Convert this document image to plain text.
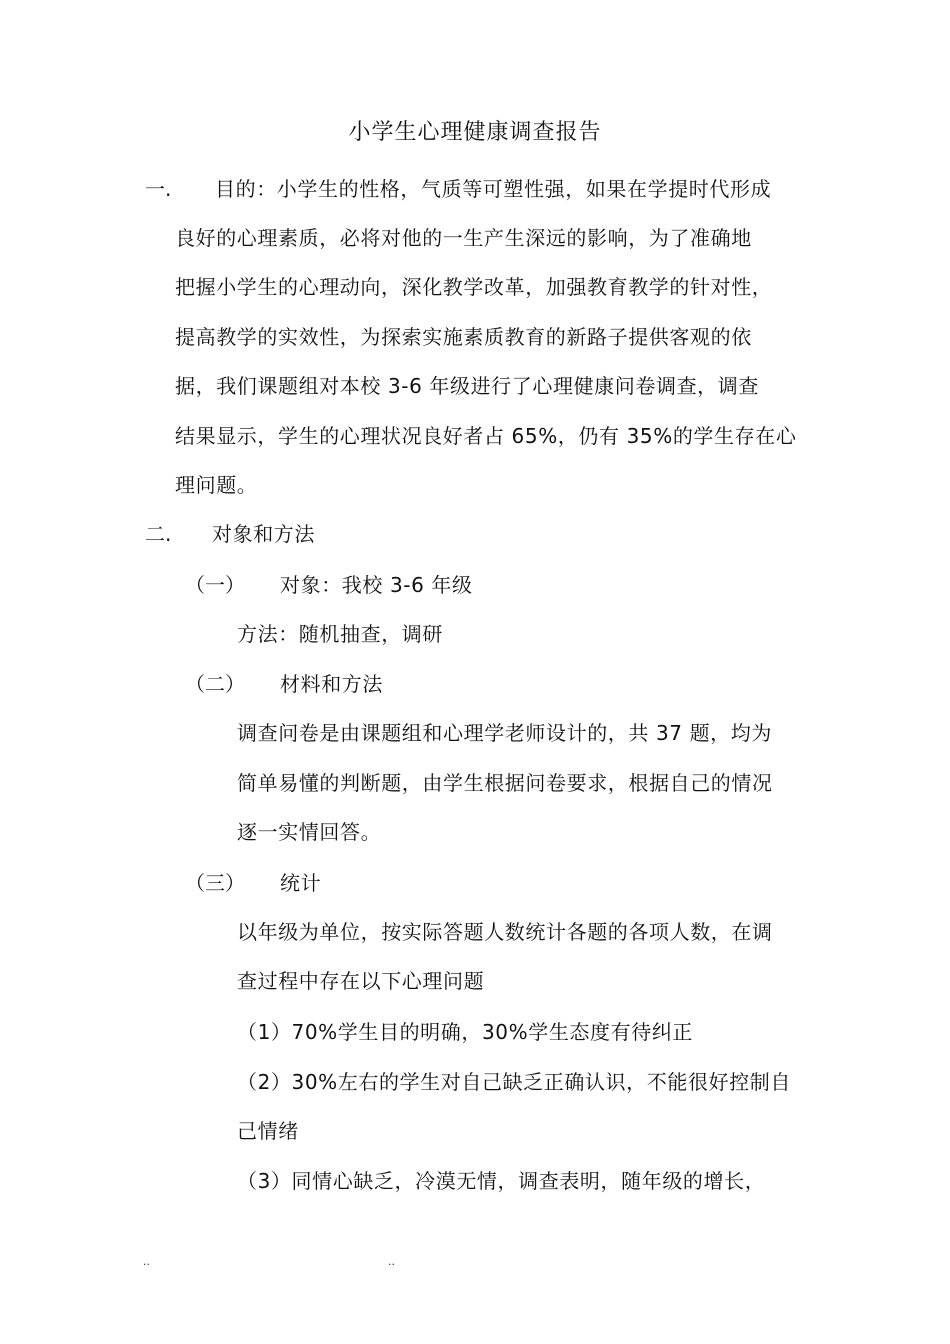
小学生心理健康调查报告
一. 目的：小学生的性格，气质等可塑性强，如果在学提时代形成
良好的心理素质，必将对他的一生产生深远的影响，为了准确地
把握小学生的心理动向，深化教学改革，加强教育教学的针对性，
提高教学的实效性，为探索实施素质教育的新路子提供客观的依
据，我们课题组对本校 3-6 年级进行了心理健康问卷调查，调查
结果显示，学生的心理状况良好者占 65%，仍有 35%的学生存在心
理问题。
二. 对象和方法
（一） 对象：我校 3-6 年级
方法：随机抽查，调研
（二） 材料和方法
调查问卷是由课题组和心理学老师设计的，共 37 题，均为
简单易懂的判断题，由学生根据问卷要求，根据自己的情况
逐一实情回答。
（三） 统计
以年级为单位，按实际答题人数统计各题的各项人数，在调
查过程中存在以下心理问题
（1）70%学生目的明确，30%学生态度有待纠正
（2）30%左右的学生对自己缺乏正确认识，不能很好控制自
己情绪
（3）同情心缺乏，冷漠无情，调查表明，随年级的增长，
..	..
